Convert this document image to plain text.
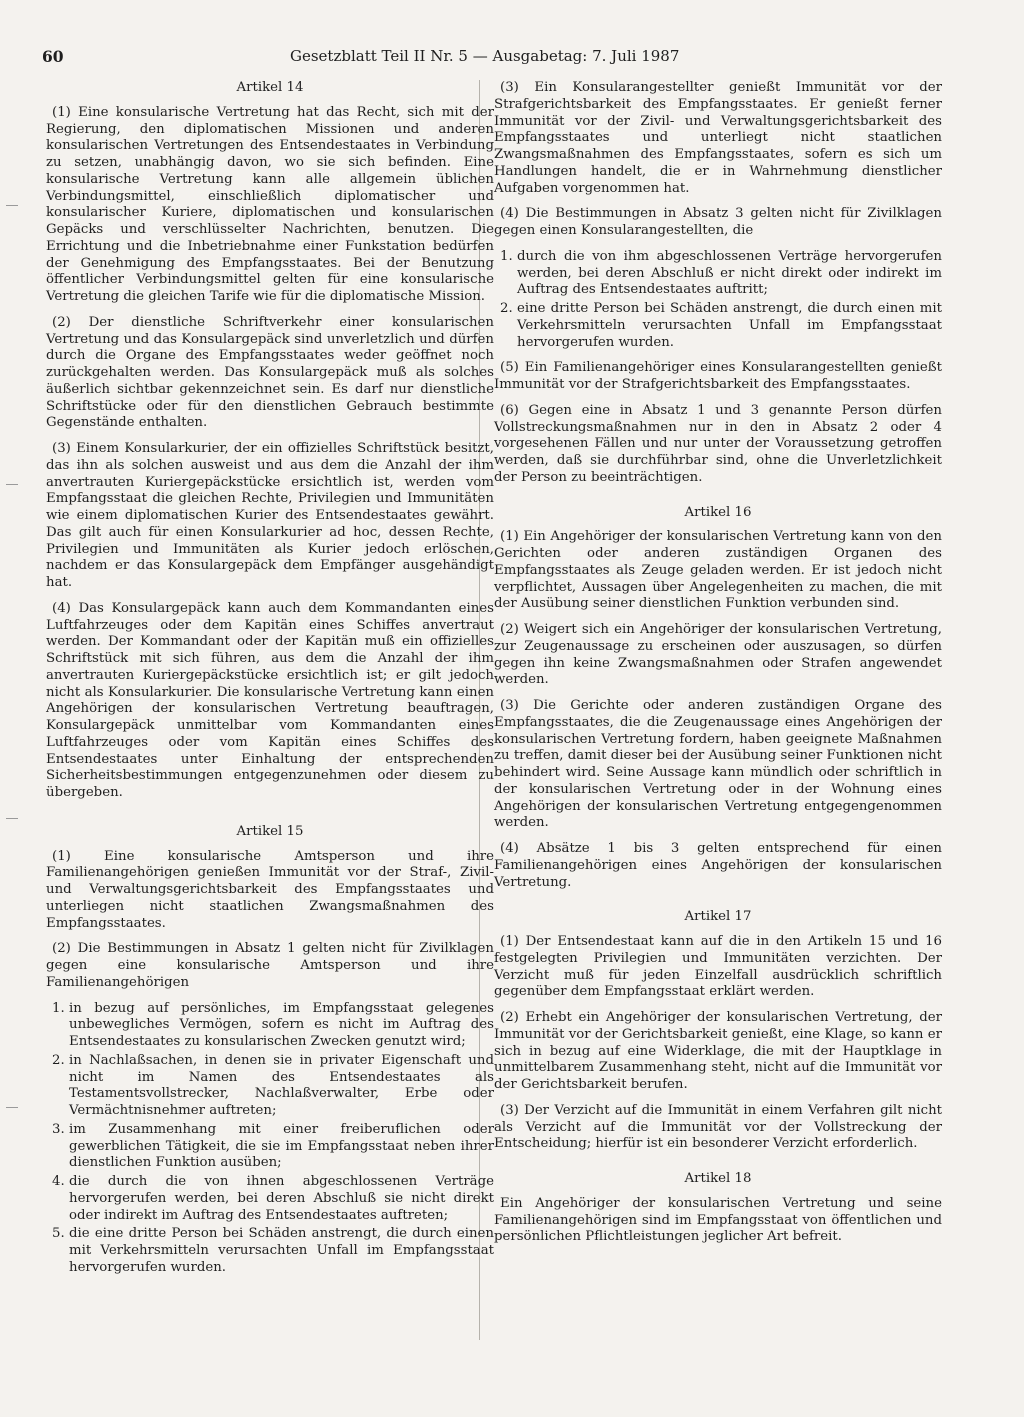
60	Gesetzblatt Teil II Nr. 5 — Ausgabetag: 7. Juli 1987
Artikel 14

(1) Eine konsularische Vertretung hat das Recht, sich mit der Regierung, den diplomatischen Missionen und anderen konsularischen Vertretungen des Entsendestaates in Verbindung zu setzen, unabhängig davon, wo sie sich befinden. Eine konsularische Vertretung kann alle allgemein üblichen Verbindungsmittel, einschließlich diplomatischer und konsularischer Kuriere, diplomatischen und konsularischen Gepäcks und verschlüsselter Nachrichten, benutzen. Die Errichtung und die Inbetriebnahme einer Funkstation bedürfen der Genehmigung des Empfangsstaates. Bei der Benutzung öffentlicher Verbindungsmittel gelten für eine konsularische Vertretung die gleichen Tarife wie für die diplomatische Mission.

(2) Der dienstliche Schriftverkehr einer konsularischen Vertretung und das Konsulargepäck sind unverletzlich und dürfen durch die Organe des Empfangsstaates weder geöffnet noch zurückgehalten werden. Das Konsulargepäck muß als solches äußerlich sichtbar gekennzeichnet sein. Es darf nur dienstliche Schriftstücke oder für den dienstlichen Gebrauch bestimmte Gegenstände enthalten.

(3) Einem Konsularkurier, der ein offizielles Schriftstück besitzt, das ihn als solchen ausweist und aus dem die Anzahl der ihm anvertrauten Kuriergepäckstücke ersichtlich ist, werden vom Empfangsstaat die gleichen Rechte, Privilegien und Immunitäten wie einem diplomatischen Kurier des Entsendestaates gewährt. Das gilt auch für einen Konsularkurier ad hoc, dessen Rechte, Privilegien und Immunitäten als Kurier jedoch erlöschen, nachdem er das Konsulargepäck dem Empfänger ausgehändigt hat.

(4) Das Konsulargepäck kann auch dem Kommandanten eines Luftfahrzeuges oder dem Kapitän eines Schiffes anvertraut werden. Der Kommandant oder der Kapitän muß ein offizielles Schriftstück mit sich führen, aus dem die Anzahl der ihm anvertrauten Kuriergepäckstücke ersichtlich ist; er gilt jedoch nicht als Konsularkurier. Die konsularische Vertretung kann einen Angehörigen der konsularischen Vertretung beauftragen, Konsulargepäck unmittelbar vom Kommandanten eines Luftfahrzeuges oder vom Kapitän eines Schiffes des Entsendestaates unter Einhaltung der entsprechenden Sicherheitsbestimmungen entgegenzunehmen oder diesem zu übergeben.

Artikel 15

(1) Eine konsularische Amtsperson und ihre Familienangehörigen genießen Immunität vor der Straf-, Zivil- und Verwaltungsgerichtsbarkeit des Empfangsstaates und unterliegen nicht staatlichen Zwangsmaßnahmen des Empfangsstaates.

(2) Die Bestimmungen in Absatz 1 gelten nicht für Zivilklagen gegen eine konsularische Amtsperson und ihre Familienangehörigen

1. in bezug auf persönliches, im Empfangsstaat gelegenes unbewegliches Vermögen, sofern es nicht im Auftrag des Entsendestaates zu konsularischen Zwecken genutzt wird;
2. in Nachlaßsachen, in denen sie in privater Eigenschaft und nicht im Namen des Entsendestaates als Testamentsvollstrecker, Nachlaßverwalter, Erbe oder Vermächtnisnehmer auftreten;
3. im Zusammenhang mit einer freiberuflichen oder gewerblichen Tätigkeit, die sie im Empfangsstaat neben ihrer dienstlichen Funktion ausüben;
4. die durch die von ihnen abgeschlossenen Verträge hervorgerufen werden, bei deren Abschluß sie nicht direkt oder indirekt im Auftrag des Entsendestaates auftreten;
5. die eine dritte Person bei Schäden anstrengt, die durch einen mit Verkehrsmitteln verursachten Unfall im Empfangsstaat hervorgerufen wurden.

(3) Ein Konsularangestellter genießt Immunität vor der Strafgerichtsbarkeit des Empfangsstaates. Er genießt ferner Immunität vor der Zivil- und Verwaltungsgerichtsbarkeit des Empfangsstaates und unterliegt nicht staatlichen Zwangsmaßnahmen des Empfangsstaates, sofern es sich um Handlungen handelt, die er in Wahrnehmung dienstlicher Aufgaben vorgenommen hat.

(4) Die Bestimmungen in Absatz 3 gelten nicht für Zivilklagen gegen einen Konsularangestellten, die

1. durch die von ihm abgeschlossenen Verträge hervorgerufen werden, bei deren Abschluß er nicht direkt oder indirekt im Auftrag des Entsendestaates auftritt;
2. eine dritte Person bei Schäden anstrengt, die durch einen mit Verkehrsmitteln verursachten Unfall im Empfangsstaat hervorgerufen wurden.

(5) Ein Familienangehöriger eines Konsularangestellten genießt Immunität vor der Strafgerichtsbarkeit des Empfangsstaates.

(6) Gegen eine in Absatz 1 und 3 genannte Person dürfen Vollstreckungsmaßnahmen nur in den in Absatz 2 oder 4 vorgesehenen Fällen und nur unter der Voraussetzung getroffen werden, daß sie durchführbar sind, ohne die Unverletzlichkeit der Person zu beeinträchtigen.

Artikel 16

(1) Ein Angehöriger der konsularischen Vertretung kann von den Gerichten oder anderen zuständigen Organen des Empfangsstaates als Zeuge geladen werden. Er ist jedoch nicht verpflichtet, Aussagen über Angelegenheiten zu machen, die mit der Ausübung seiner dienstlichen Funktion verbunden sind.

(2) Weigert sich ein Angehöriger der konsularischen Vertretung, zur Zeugenaussage zu erscheinen oder auszusagen, so dürfen gegen ihn keine Zwangsmaßnahmen oder Strafen angewendet werden.

(3) Die Gerichte oder anderen zuständigen Organe des Empfangsstaates, die die Zeugenaussage eines Angehörigen der konsularischen Vertretung fordern, haben geeignete Maßnahmen zu treffen, damit dieser bei der Ausübung seiner Funktionen nicht behindert wird. Seine Aussage kann mündlich oder schriftlich in der konsularischen Vertretung oder in der Wohnung eines Angehörigen der konsularischen Vertretung entgegengenommen werden.

(4) Absätze 1 bis 3 gelten entsprechend für einen Familienangehörigen eines Angehörigen der konsularischen Vertretung.

Artikel 17

(1) Der Entsendestaat kann auf die in den Artikeln 15 und 16 festgelegten Privilegien und Immunitäten verzichten. Der Verzicht muß für jeden Einzelfall ausdrücklich schriftlich gegenüber dem Empfangsstaat erklärt werden.

(2) Erhebt ein Angehöriger der konsularischen Vertretung, der Immunität vor der Gerichtsbarkeit genießt, eine Klage, so kann er sich in bezug auf eine Widerklage, die mit der Hauptklage in unmittelbarem Zusammenhang steht, nicht auf die Immunität vor der Gerichtsbarkeit berufen.

(3) Der Verzicht auf die Immunität in einem Verfahren gilt nicht als Verzicht auf die Immunität vor der Vollstreckung der Entscheidung; hierfür ist ein besonderer Verzicht erforderlich.

Artikel 18

Ein Angehöriger der konsularischen Vertretung und seine Familienangehörigen sind im Empfangsstaat von öffentlichen und persönlichen Pflichtleistungen jeglicher Art befreit.
